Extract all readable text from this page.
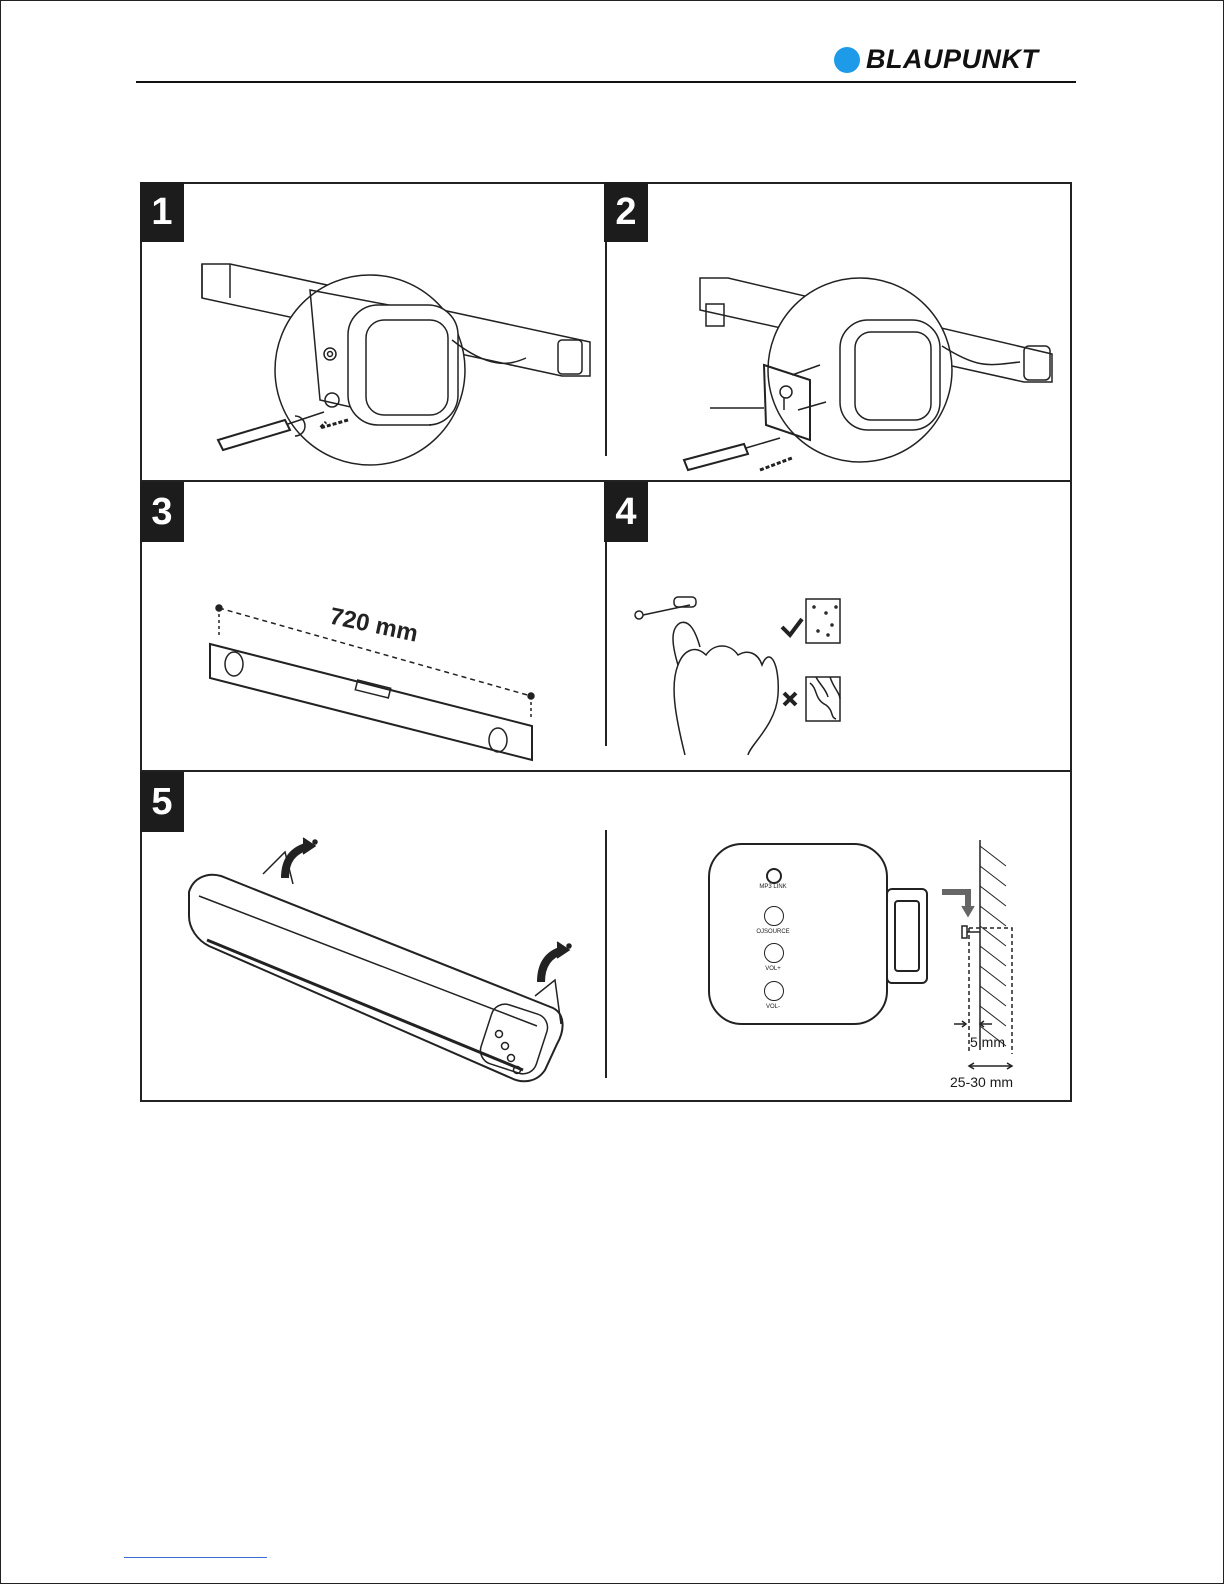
BLAUPUNKT
1	2
3	4
5
720 mm
MP3 LINK
OJSOURCE
VOL+
VOL-
5 mm
25-30 mm
